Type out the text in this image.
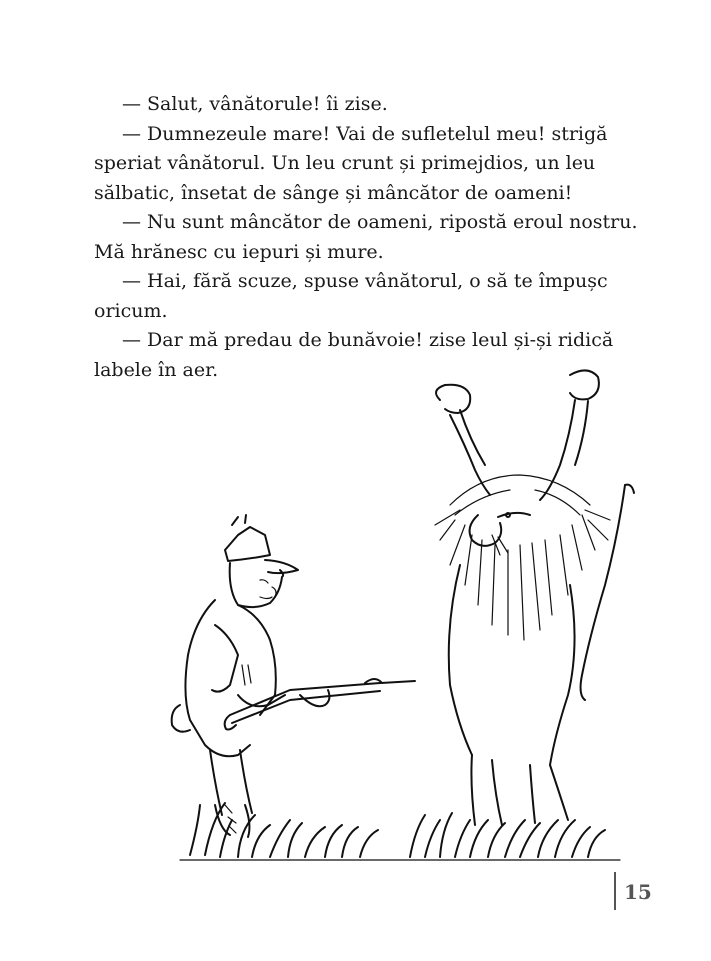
— Salut, vânătorule! îi zise.
— Dumnezeule mare! Vai de sufletelul meu! strigă
speriat vânătorul. Un leu crunt și primejdios, un leu
sălbatic, însetat de sânge și mâncător de oameni!
— Nu sunt mâncător de oameni, ripostă eroul nostru.
Mă hrănesc cu iepuri și mure.
— Hai, fără scuze, spuse vânătorul, o să te împușc
oricum.
— Dar mă predau de bunăvoie! zise leul și-și ridică
labele în aer.
15
